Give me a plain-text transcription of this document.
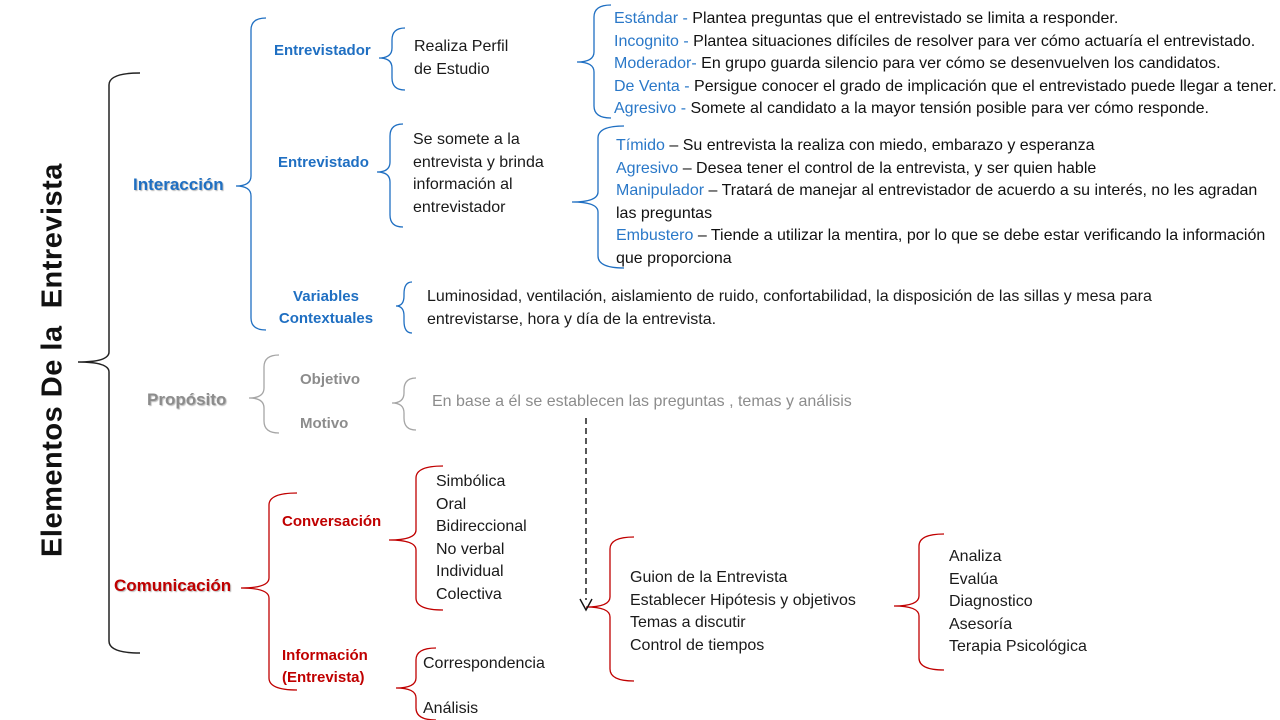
Elementos De la  Entrevista	Interacción
Propósito
Comunicación
Entrevistador
Entrevistado
Variables
Contextuales
Realiza Perfil
de Estudio
Estándar - Plantea preguntas que el entrevistado se limita a responder.
Incognito - Plantea situaciones difíciles de resolver para ver cómo actuaría el entrevistado.
Moderador- En grupo guarda silencio para ver cómo se desenvuelven los candidatos.
De Venta - Persigue conocer el grado de implicación que el entrevistado puede llegar a tener.
Agresivo - Somete al candidato a la mayor tensión posible para ver cómo responde.
Se somete a la
entrevista y brinda
información al
entrevistador
Tímido – Su entrevista la realiza con miedo, embarazo y esperanza
Agresivo – Desea tener el control de la entrevista, y ser quien hable
Manipulador – Tratará de manejar al entrevistador de acuerdo a su interés, no les agradan
las preguntas
Embustero – Tiende a utilizar la mentira, por lo que se debe estar verificando la información
que proporciona
Luminosidad, ventilación, aislamiento de ruido, confortabilidad, la disposición de las sillas y mesa para
entrevistarse, hora y día de la entrevista.
Objetivo
Motivo
En base a él se establecen las preguntas , temas y análisis
Conversación
Información
(Entrevista)
Simbólica
Oral
Bidireccional
No verbal
Individual
Colectiva
Correspondencia
Análisis
Guion de la Entrevista
Establecer Hipótesis y objetivos
Temas a discutir
Control de tiempos
Analiza
Evalúa
Diagnostico
Asesoría
Terapia Psicológica
